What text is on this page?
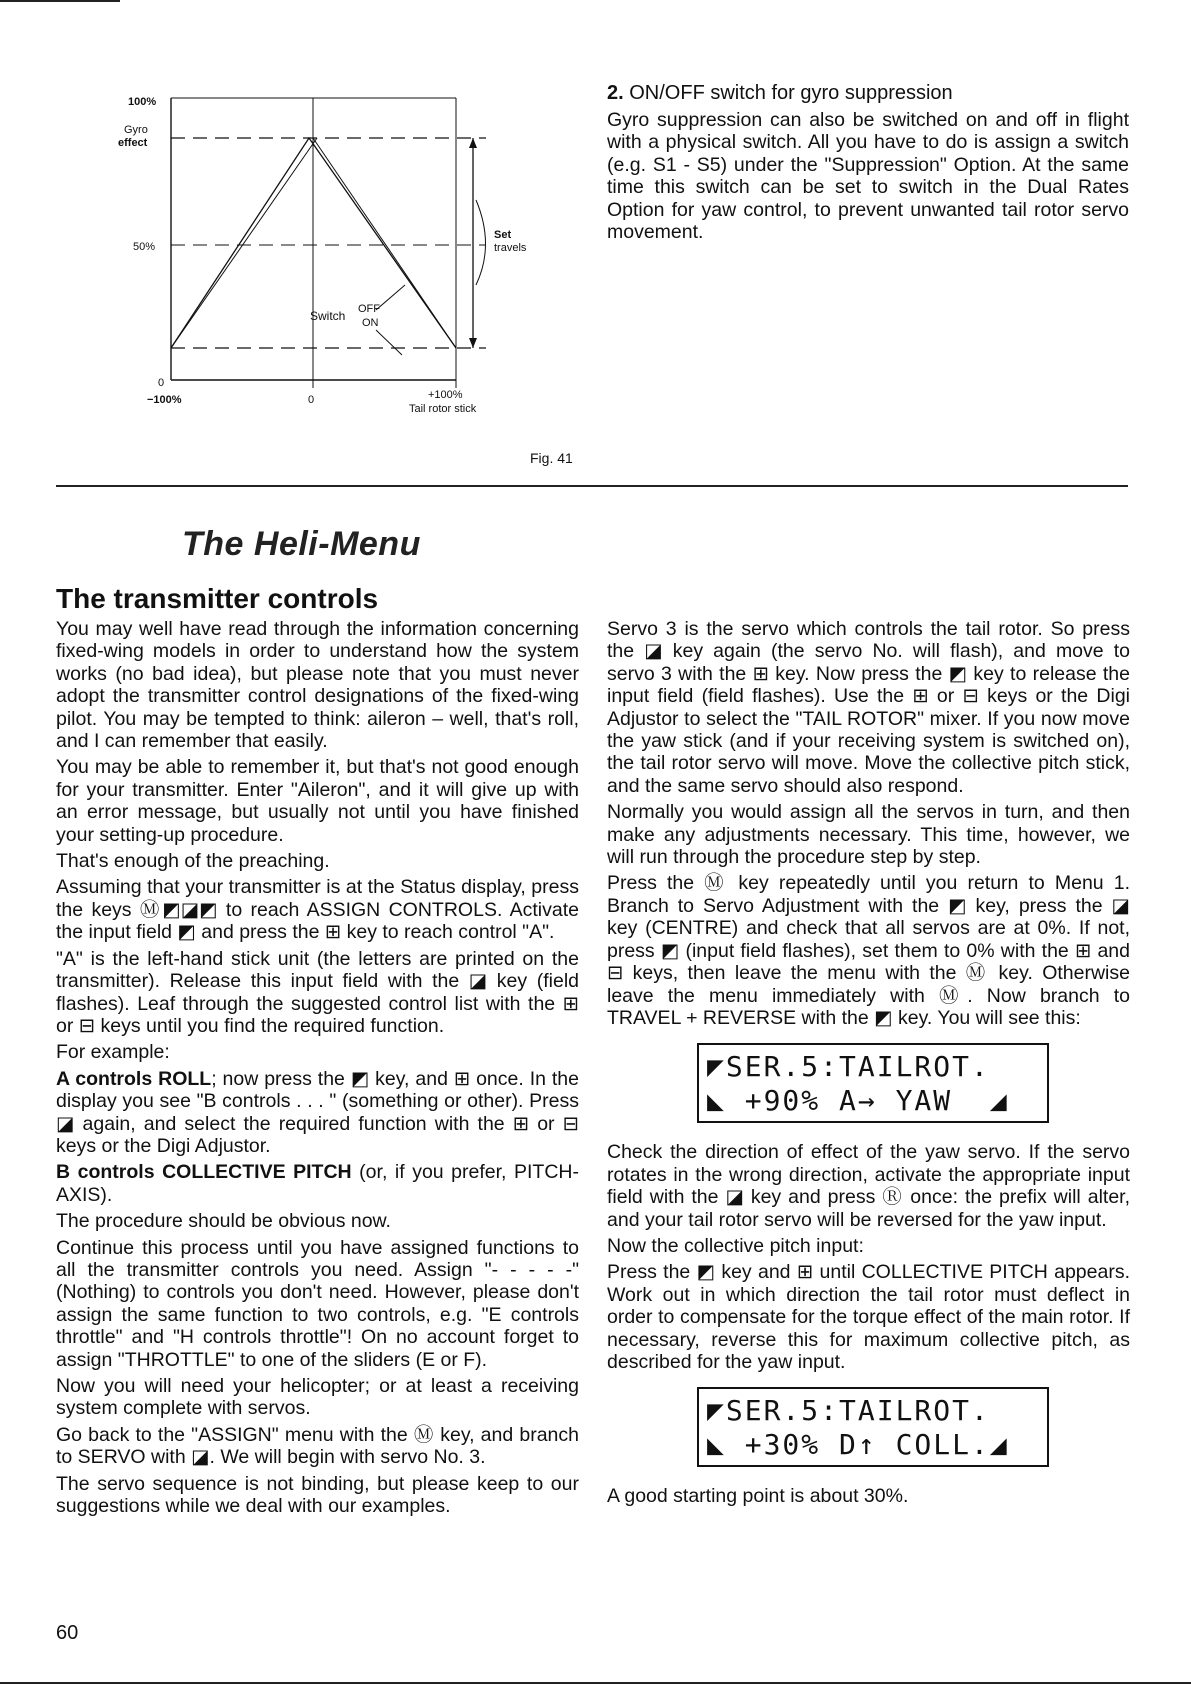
100%
Gyro
effect
50%
0
−100%	0	+100%
Tail rotor stick
Set
travels
Switch OFF
ON
Fig. 41

2. ON/OFF switch for gyro suppression

Gyro suppression can also be switched on and off in flight with a physical switch. All you have to do is assign a switch (e.g. S1 - S5) under the "Suppression" Option. At the same time this switch can be set to switch in the Dual Rates Option for yaw control, to prevent unwanted tail rotor servo movement.

The Heli-Menu
The transmitter controls

You may well have read through the information concerning fixed-wing models in order to understand how the system works (no bad idea), but please note that you must never adopt the transmitter control designations of the fixed-wing pilot. You may be tempted to think: aileron – well, that's roll, and I can remember that easily.

You may be able to remember it, but that's not good enough for your transmitter. Enter "Aileron", and it will give up with an error message, but usually not until you have finished your setting-up procedure.

That's enough of the preaching.

Assuming that your transmitter is at the Status display, press the keys Ⓜ◩◪◩ to reach ASSIGN CONTROLS. Activate the input field ◩ and press the ⊞ key to reach control "A".

"A" is the left-hand stick unit (the letters are printed on the transmitter). Release this input field with the ◪ key (field flashes). Leaf through the suggested control list with the ⊞ or ⊟ keys until you find the required function.

For example:

A controls ROLL; now press the ◩ key, and ⊞ once. In the display you see "B controls . . . " (something or other). Press ◪ again, and select the required function with the ⊞ or ⊟ keys or the Digi Adjustor.

B controls COLLECTIVE PITCH (or, if you prefer, PITCH-AXIS).

The procedure should be obvious now.

Continue this process until you have assigned functions to all the transmitter controls you need. Assign "- - - - -" (Nothing) to controls you don't need. However, please don't assign the same function to two controls, e.g. "E controls throttle" and "H controls throttle"! On no account forget to assign "THROTTLE" to one of the sliders (E or F).

Now you will need your helicopter; or at least a receiving system complete with servos.

Go back to the "ASSIGN" menu with the Ⓜ key, and branch to SERVO with ◪. We will begin with servo No. 3.

The servo sequence is not binding, but please keep to our suggestions while we deal with our examples.

Servo 3 is the servo which controls the tail rotor. So press the ◪ key again (the servo No. will flash), and move to servo 3 with the ⊞ key. Now press the ◩ key to release the input field (field flashes). Use the ⊞ or ⊟ keys or the Digi Adjustor to select the "TAIL ROTOR" mixer. If you now move the yaw stick (and if your receiving system is switched on), the tail rotor servo will move. Move the collective pitch stick, and the same servo should also respond.

Normally you would assign all the servos in turn, and then make any adjustments necessary. This time, however, we will run through the procedure step by step.

Press the Ⓜ key repeatedly until you return to Menu 1. Branch to Servo Adjustment with the ◩ key, press the ◪ key (CENTRE) and check that all servos are at 0%. If not, press ◩ (input field flashes), set them to 0% with the ⊞ and ⊟ keys, then leave the menu with the Ⓜ key. Otherwise leave the menu immediately with Ⓜ. Now branch to TRAVEL + REVERSE with the ◩ key. You will see this:

◤SER.5:TAILROT.
◣ +90% A→ YAW  ◢

Check the direction of effect of the yaw servo. If the servo rotates in the wrong direction, activate the appropriate input field with the ◪ key and press Ⓡ once: the prefix will alter, and your tail rotor servo will be reversed for the yaw input.

Now the collective pitch input:

Press the ◩ key and ⊞ until COLLECTIVE PITCH appears. Work out in which direction the tail rotor must deflect in order to compensate for the torque effect of the main rotor. If necessary, reverse this for maximum collective pitch, as described for the yaw input.

◤SER.5:TAILROT.
◣ +30% D↑ COLL.◢

A good starting point is about 30%.

60
